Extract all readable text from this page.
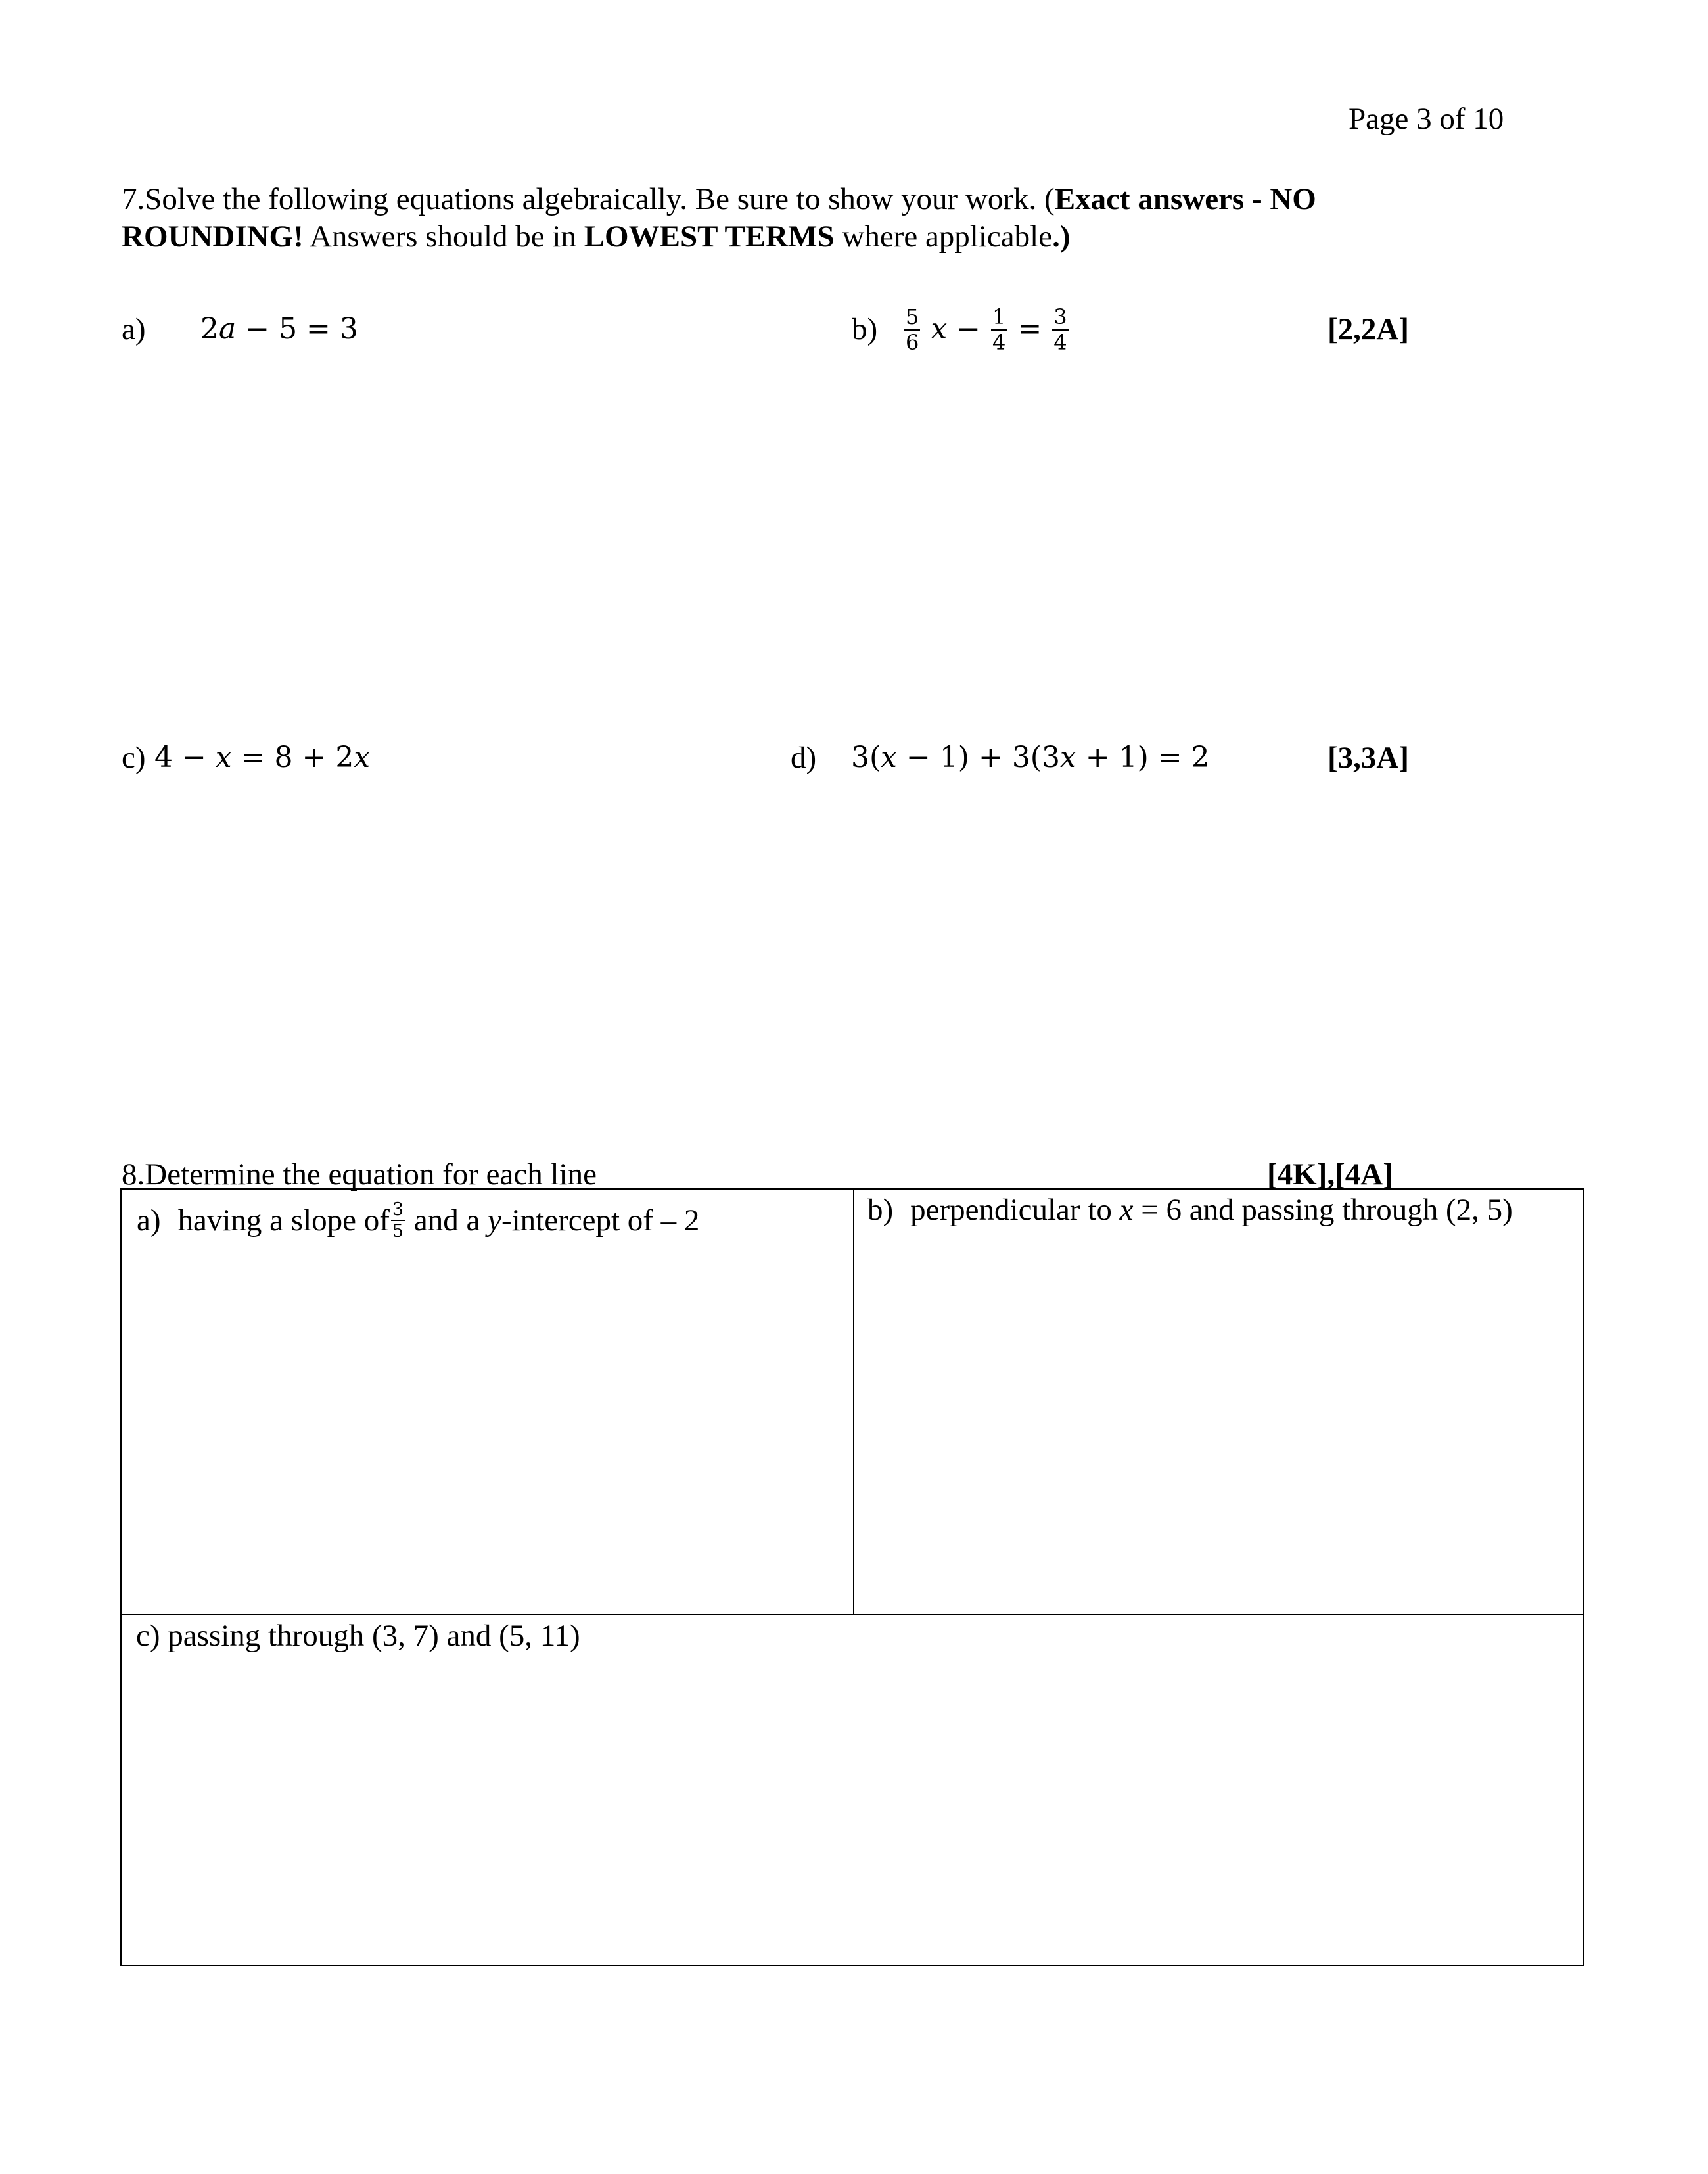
Page 3 of 10
7.Solve the following equations algebraically. Be sure to show your work. (Exact answers - NO
ROUNDING! Answers should be in LOWEST TERMS where applicable.)
a) 2𝑎 − 5 = 3	$b) \frac{5}{6}$ 𝑥 − $\frac{1}{4} = \frac{3}{4}$	[2,2A]
c) 4 − 𝑥 = 8 + 2𝑥	d) 3(𝑥 − 1) + 3(3𝑥 + 1) = 2	[3,3A]
8.Determine the equation for each line	[4K],[4A]
a) having a slope of $\frac{3}{5}$ and a y -intercept of – 2	b) perpendicular to x = 6 and passing through (2, 5)
c) passing through (3, 7) and (5, 11)
